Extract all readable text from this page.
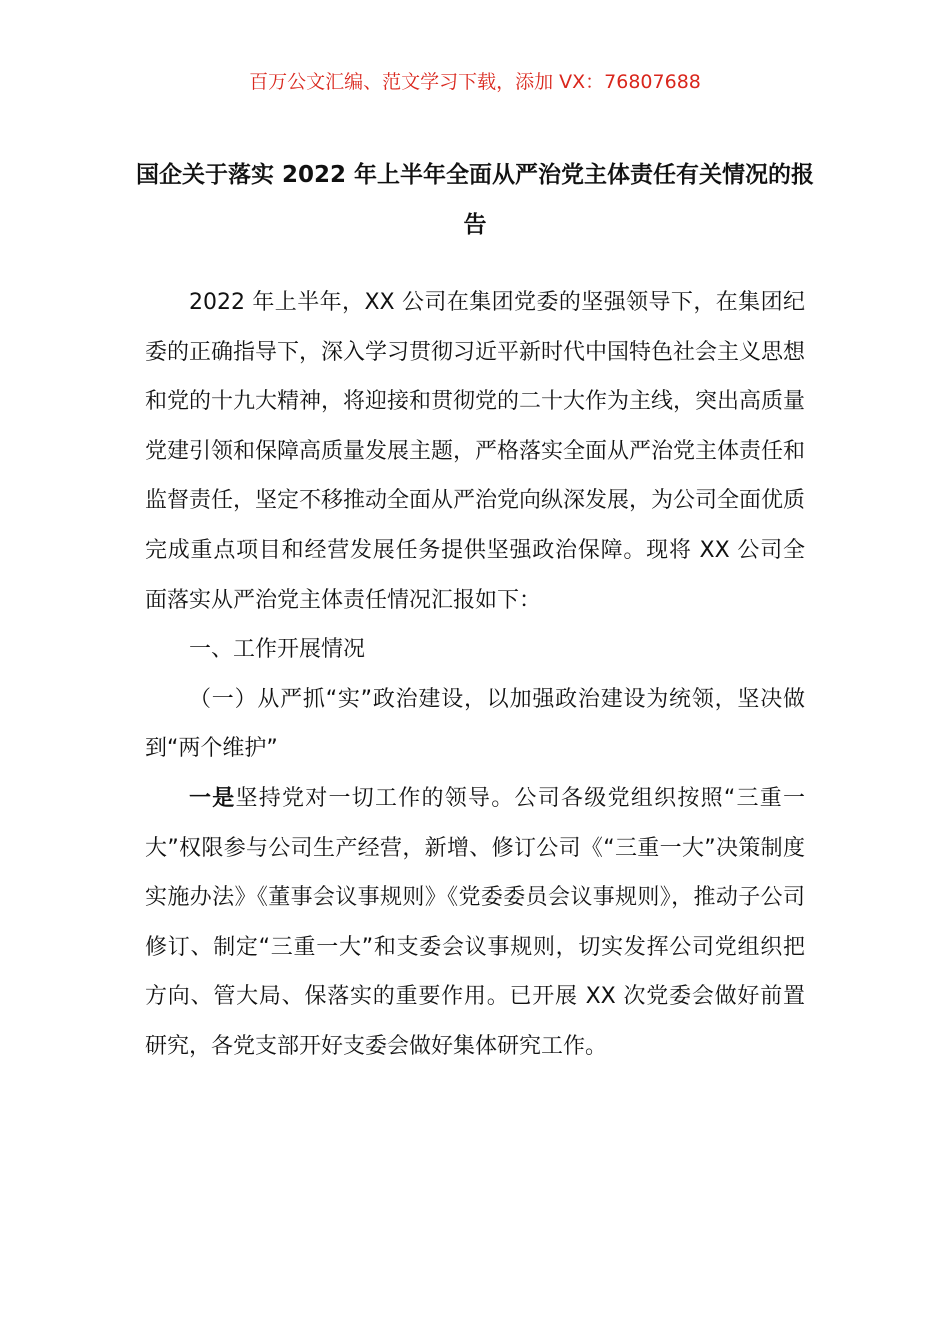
百万公文汇编、范文学习下载，添加 VX：76807688
国企关于落实 2022 年上半年全面从严治党主体责任有关情况的报告

2022 年上半年，XX 公司在集团党委的坚强领导下，在集团纪委的正确指导下，深入学习贯彻习近平新时代中国特色社会主义思想和党的十九大精神，将迎接和贯彻党的二十大作为主线，突出高质量党建引领和保障高质量发展主题，严格落实全面从严治党主体责任和监督责任，坚定不移推动全面从严治党向纵深发展，为公司全面优质完成重点项目和经营发展任务提供坚强政治保障。现将 XX 公司全面落实从严治党主体责任情况汇报如下：

一、工作开展情况

（一）从严抓“实”政治建设，以加强政治建设为统领，坚决做到“两个维护”

一是坚持党对一切工作的领导。公司各级党组织按照“三重一大”权限参与公司生产经营，新增、修订公司《“三重一大”决策制度实施办法》《董事会议事规则》《党委委员会议事规则》，推动子公司修订、制定“三重一大”和支委会议事规则，切实发挥公司党组织把方向、管大局、保落实的重要作用。已开展 XX 次党委会做好前置研究，各党支部开好支委会做好集体研究工作。
